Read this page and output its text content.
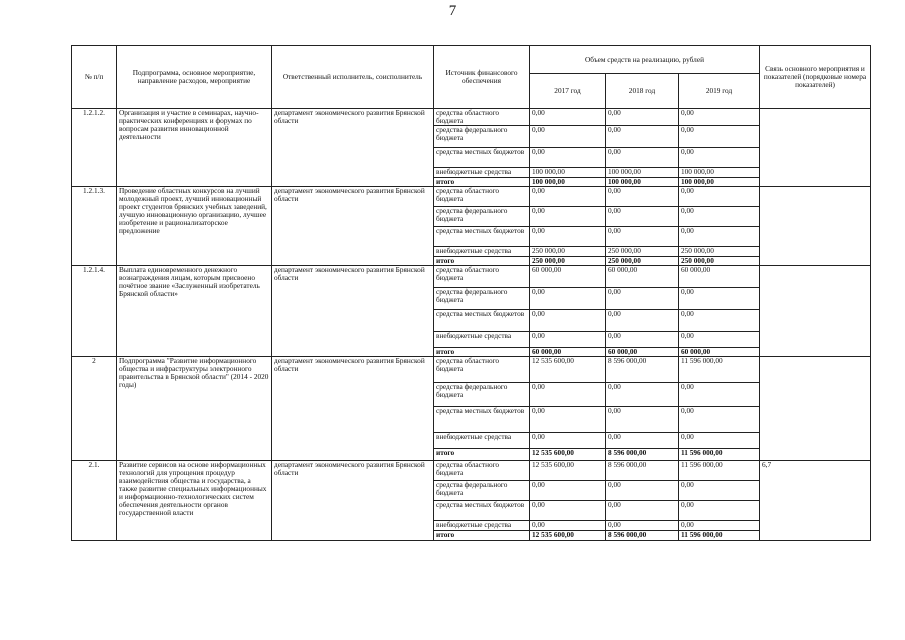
7
№ п/п	Подпрограмма, основное мероприятие, направление расходов, мероприятие	Ответственный исполнитель, соисполнитель	Источник финансового обеспечения	Объем средств на реализацию, рублей			Связь основного мероприятия и показателей (порядковые номера показателей)
				2017 год	2018 год	2019 год	
1.2.1.2.	Организация и участие в семинарах, научно-практических конференциях и форумах по вопросам развития инновационной деятельности	департамент экономического развития Брянской области	средства областного бюджета	0,00	0,00	0,00	
			средства федерального бюджета	0,00	0,00	0,00	
			средства местных бюджетов	0,00	0,00	0,00	
			внебюджетные средства	100 000,00	100 000,00	100 000,00	
			итого	100 000,00	100 000,00	100 000,00	
1.2.1.3.	Проведение областных конкурсов на лучший молодежный проект, лучший инновационный проект студентов брянских учебных заведений, лучшую инновационную организацию, лучшее изобретение и рационализаторское предложение	департамент экономического развития Брянской области	средства областного бюджета	0,00	0,00	0,00	
			средства федерального бюджета	0,00	0,00	0,00	
			средства местных бюджетов	0,00	0,00	0,00	
			внебюджетные средства	250 000,00	250 000,00	250 000,00	
			итого	250 000,00	250 000,00	250 000,00	
1.2.1.4.	Выплата единовременного денежного вознаграждения лицам, которым присвоено почётное звание «Заслуженный изобретатель Брянской области»	департамент экономического развития Брянской области	средства областного бюджета	60 000,00	60 000,00	60 000,00	
			средства федерального бюджета	0,00	0,00	0,00	
			средства местных бюджетов	0,00	0,00	0,00	
			внебюджетные средства	0,00	0,00	0,00	
			итого	60 000,00	60 000,00	60 000,00	
2	Подпрограмма "Развитие информационного общества и инфраструктуры электронного правительства в Брянской области" (2014 - 2020 годы)	департамент экономического развития Брянской области	средства областного бюджета	12 535 600,00	8 596 000,00	11 596 000,00	
			средства федерального бюджета	0,00	0,00	0,00	
			средства местных бюджетов	0,00	0,00	0,00	
			внебюджетные средства	0,00	0,00	0,00	
			итого	12 535 600,00	8 596 000,00	11 596 000,00	
2.1.	Развитие сервисов на основе информационных технологий для упрощения процедур взаимодействия общества и государства, а также развитие специальных информационных и информационно-технологических систем обеспечения деятельности органов государственной власти	департамент экономического развития Брянской области	средства областного бюджета	12 535 600,00	8 596 000,00	11 596 000,00	6,7
			средства федерального бюджета	0,00	0,00	0,00	
			средства местных бюджетов	0,00	0,00	0,00	
			внебюджетные средства	0,00	0,00	0,00	
			итого	12 535 600,00	8 596 000,00	11 596 000,00	
